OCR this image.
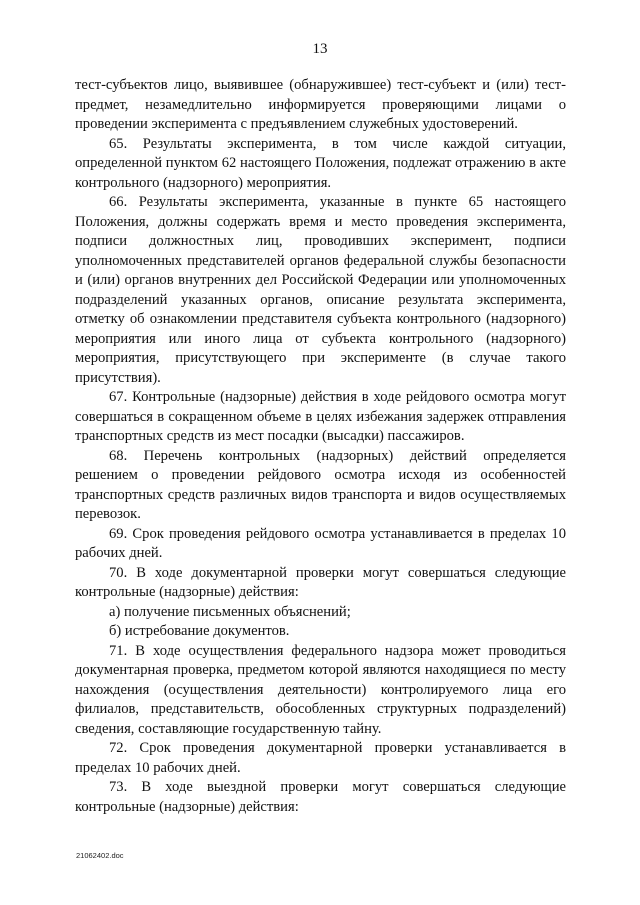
13

тест-субъектов лицо, выявившее (обнаружившее) тест-субъект и (или) тест-предмет, незамедлительно информируется проверяющими лицами о проведении эксперимента с предъявлением служебных удостоверений.

65. Результаты эксперимента, в том числе каждой ситуации, определенной пунктом 62 настоящего Положения, подлежат отражению в акте контрольного (надзорного) мероприятия.

66. Результаты эксперимента, указанные в пункте 65 настоящего Положения, должны содержать время и место проведения эксперимента, подписи должностных лиц, проводивших эксперимент, подписи уполномоченных представителей органов федеральной службы безопасности и (или) органов внутренних дел Российской Федерации или уполномоченных подразделений указанных органов, описание результата эксперимента, отметку об ознакомлении представителя субъекта контрольного (надзорного) мероприятия или иного лица от субъекта контрольного (надзорного) мероприятия, присутствующего при эксперименте (в случае такого присутствия).

67. Контрольные (надзорные) действия в ходе рейдового осмотра могут совершаться в сокращенном объеме в целях избежания задержек отправления транспортных средств из мест посадки (высадки) пассажиров.

68. Перечень контрольных (надзорных) действий определяется решением о проведении рейдового осмотра исходя из особенностей транспортных средств различных видов транспорта и видов осуществляемых перевозок.

69. Срок проведения рейдового осмотра устанавливается в пределах 10 рабочих дней.

70. В ходе документарной проверки могут совершаться следующие контрольные (надзорные) действия:

а) получение письменных объяснений;

б) истребование документов.

71. В ходе осуществления федерального надзора может проводиться документарная проверка, предметом которой являются находящиеся по месту нахождения (осуществления деятельности) контролируемого лица его филиалов, представительств, обособленных структурных подразделений) сведения, составляющие государственную тайну.

72. Срок проведения документарной проверки устанавливается в пределах 10 рабочих дней.

73. В ходе выездной проверки могут совершаться следующие контрольные (надзорные) действия:

21062402.doc
